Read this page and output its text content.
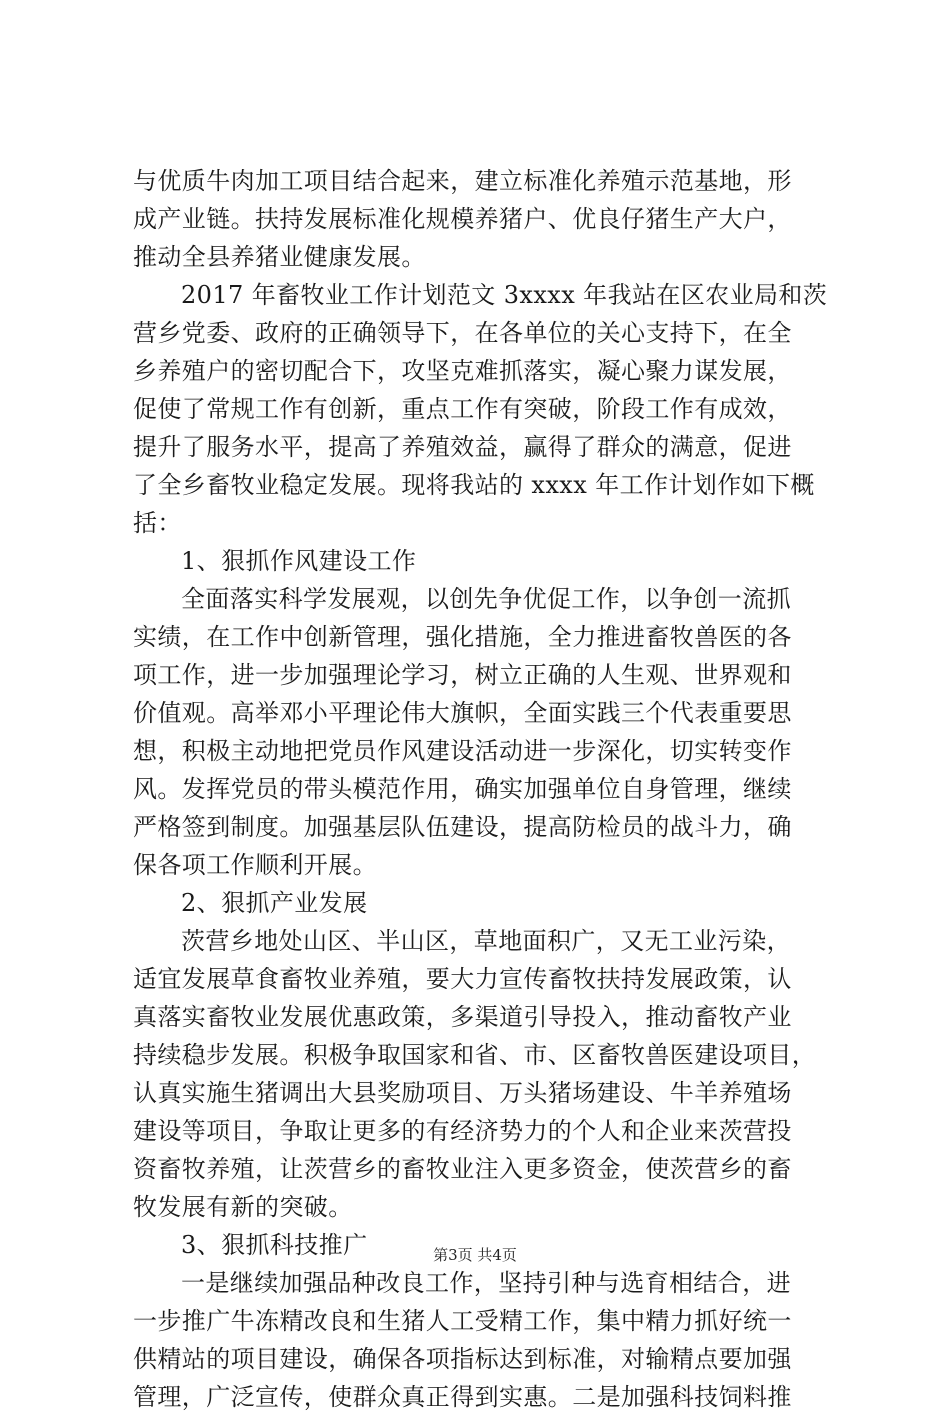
与优质牛肉加工项目结合起来，建立标准化养殖示范基地，形
成产业链。扶持发展标准化规模养猪户、优良仔猪生产大户，
推动全县养猪业健康发展。
2017 年畜牧业工作计划范文 3xxxx 年我站在区农业局和茨
营乡党委、政府的正确领导下，在各单位的关心支持下，在全
乡养殖户的密切配合下，攻坚克难抓落实，凝心聚力谋发展，
促使了常规工作有创新，重点工作有突破，阶段工作有成效，
提升了服务水平，提高了养殖效益，赢得了群众的满意，促进
了全乡畜牧业稳定发展。现将我站的 xxxx 年工作计划作如下概
括：
1、狠抓作风建设工作
全面落实科学发展观，以创先争优促工作，以争创一流抓
实绩，在工作中创新管理，强化措施，全力推进畜牧兽医的各
项工作，进一步加强理论学习，树立正确的人生观、世界观和
价值观。高举邓小平理论伟大旗帜，全面实践三个代表重要思
想，积极主动地把党员作风建设活动进一步深化，切实转变作
风。发挥党员的带头模范作用，确实加强单位自身管理，继续
严格签到制度。加强基层队伍建设，提高防检员的战斗力，确
保各项工作顺利开展。
2、狠抓产业发展
茨营乡地处山区、半山区，草地面积广，又无工业污染，
适宜发展草食畜牧业养殖，要大力宣传畜牧扶持发展政策，认
真落实畜牧业发展优惠政策，多渠道引导投入，推动畜牧产业
持续稳步发展。积极争取国家和省、市、区畜牧兽医建设项目，
认真实施生猪调出大县奖励项目、万头猪场建设、牛羊养殖场
建设等项目，争取让更多的有经济势力的个人和企业来茨营投
资畜牧养殖，让茨营乡的畜牧业注入更多资金，使茨营乡的畜
牧发展有新的突破。
3、狠抓科技推广
一是继续加强品种改良工作，坚持引种与选育相结合，进
一步推广牛冻精改良和生猪人工受精工作，集中精力抓好统一
供精站的项目建设，确保各项指标达到标准，对输精点要加强
管理，广泛宣传，使群众真正得到实惠。二是加强科技饲料推
第3页 共4页
